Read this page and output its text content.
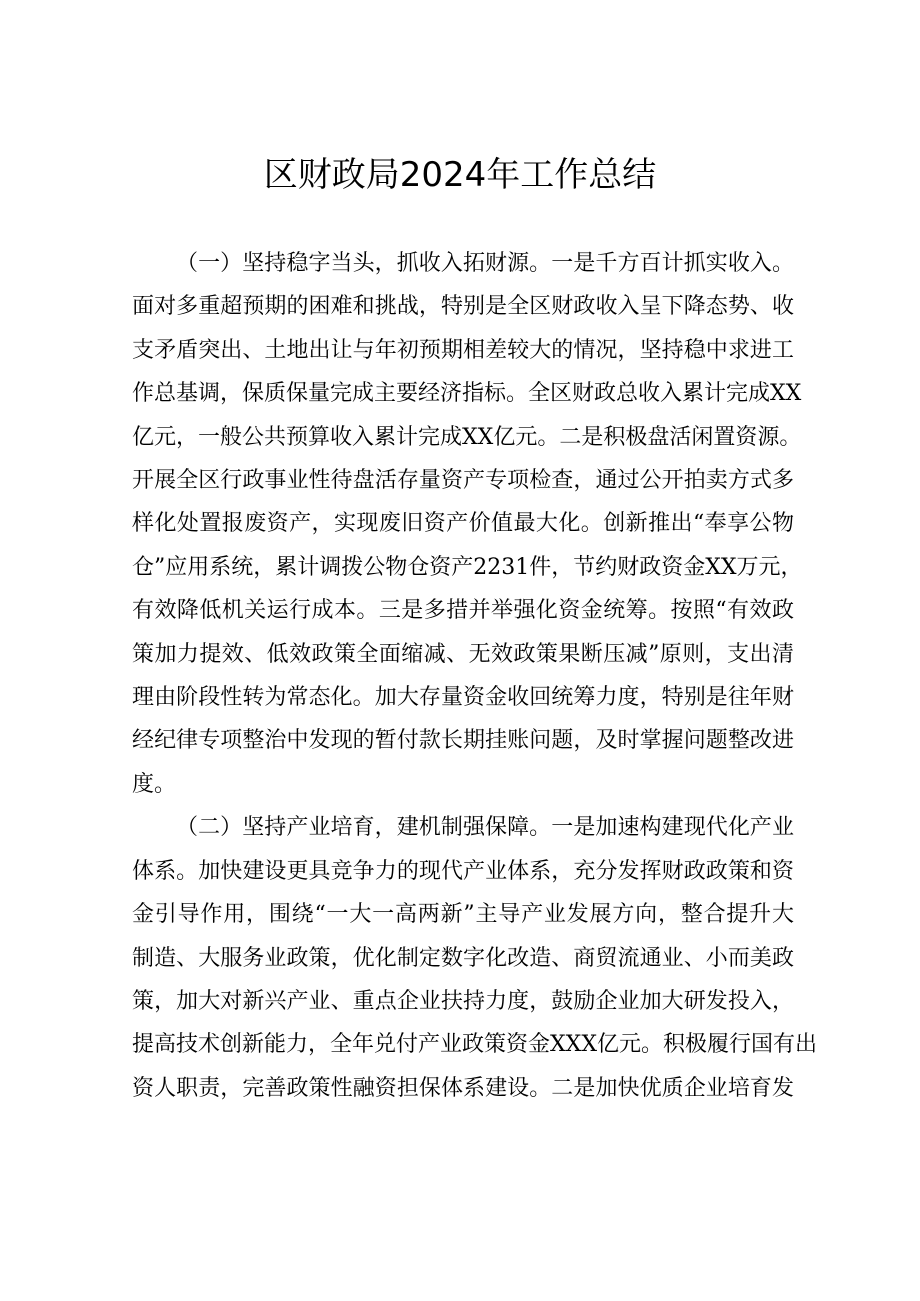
区财政局2024年工作总结
（一）坚持稳字当头，抓收入拓财源。一是千方百计抓实收入。
面对多重超预期的困难和挑战，特别是全区财政收入呈下降态势、收
支矛盾突出、土地出让与年初预期相差较大的情况，坚持稳中求进工
作总基调，保质保量完成主要经济指标。全区财政总收入累计完成XX
亿元，一般公共预算收入累计完成XX亿元。二是积极盘活闲置资源。
开展全区行政事业性待盘活存量资产专项检查，通过公开拍卖方式多
样化处置报废资产，实现废旧资产价值最大化。创新推出“奉享公物
仓”应用系统，累计调拨公物仓资产2231件，节约财政资金XX万元，
有效降低机关运行成本。三是多措并举强化资金统筹。按照“有效政
策加力提效、低效政策全面缩减、无效政策果断压减”原则，支出清
理由阶段性转为常态化。加大存量资金收回统筹力度，特别是往年财
经纪律专项整治中发现的暂付款长期挂账问题，及时掌握问题整改进
度。
（二）坚持产业培育，建机制强保障。一是加速构建现代化产业
体系。加快建设更具竞争力的现代产业体系，充分发挥财政政策和资
金引导作用，围绕“一大一高两新”主导产业发展方向，整合提升大
制造、大服务业政策，优化制定数字化改造、商贸流通业、小而美政
策，加大对新兴产业、重点企业扶持力度，鼓励企业加大研发投入，
提高技术创新能力，全年兑付产业政策资金XXX亿元。积极履行国有出
资人职责，完善政策性融资担保体系建设。二是加快优质企业培育发
